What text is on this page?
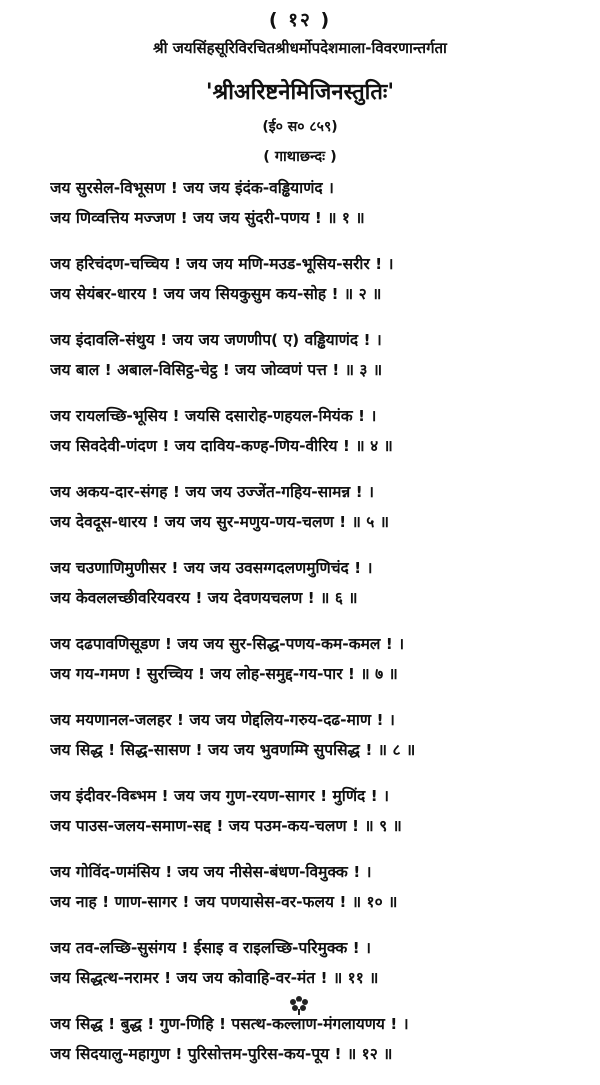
( १२ )
श्री जयसिंहसूरिविरचितश्रीधर्मोपदेशमाला-विवरणान्तर्गता
'श्रीअरिष्टनेमिजिनस्तुतिः'
(ई० स० ८५९)
( गाथाछन्दः )
जय सुरसेल-विभूसण ! जय जय इंदंक-वड्ढियाणंद ।
जय णिव्वत्तिय मज्जण ! जय जय सुंदरी-पणय ! ॥ १ ॥
जय हरिचंदण-चच्चिय ! जय जय मणि-मउड-भूसिय-सरीर ! ।
जय सेयंबर-धारय ! जय जय सियकुसुम कय-सोह ! ॥ २ ॥
जय इंदावलि-संथुय ! जय जय जणणीप( ए) वड्ढियाणंद ! ।
जय बाल ! अबाल-विसिट्ठ-चेट्ठ ! जय जोव्वणं पत्त ! ॥ ३ ॥
जय रायलच्छि-भूसिय ! जयसि दसारोह-णहयल-मियंक ! ।
जय सिवदेवी-णंदण ! जय दाविय-कण्ह-णिय-वीरिय ! ॥ ४ ॥
जय अकय-दार-संगह ! जय जय उज्जेंत-गहिय-सामन्न ! ।
जय देवदूस-धारय ! जय जय सुर-मणुय-णय-चलण ! ॥ ५ ॥
जय चउणाणिमुणीसर ! जय जय उवसग्गदलणमुणिचंद ! ।
जय केवललच्छीवरियवरय ! जय देवणयचलण ! ॥ ६ ॥
जय दढपावणिसूडण ! जय जय सुर-सिद्ध-पणय-कम-कमल ! ।
जय गय-गमण ! सुरच्चिय ! जय लोह-समुद्द-गय-पार ! ॥ ७ ॥
जय मयणानल-जलहर ! जय जय णेद्दलिय-गरुय-दढ-माण ! ।
जय सिद्ध ! सिद्ध-सासण ! जय जय भुवणम्मि सुपसिद्ध ! ॥ ८ ॥
जय इंदीवर-विब्भम ! जय जय गुण-रयण-सागर ! मुणिंद ! ।
जय पाउस-जलय-समाण-सद्द ! जय पउम-कय-चलण ! ॥ ९ ॥
जय गोविंद-णमंसिय ! जय जय नीसेस-बंधण-विमुक्क ! ।
जय नाह ! णाण-सागर ! जय पणयासेस-वर-फलय ! ॥ १० ॥
जय तव-लच्छि-सुसंगय ! ईसाइ व राइलच्छि-परिमुक्क ! ।
जय सिद्धत्थ-नरामर ! जय जय कोवाहि-वर-मंत ! ॥ ११ ॥
जय सिद्ध ! बुद्ध ! गुण-णिहि ! पसत्थ-कल्लाण-मंगलायणय ! ।
जय सिदयालु-महागुण ! पुरिसोत्तम-पुरिस-कय-पूय ! ॥ १२ ॥
